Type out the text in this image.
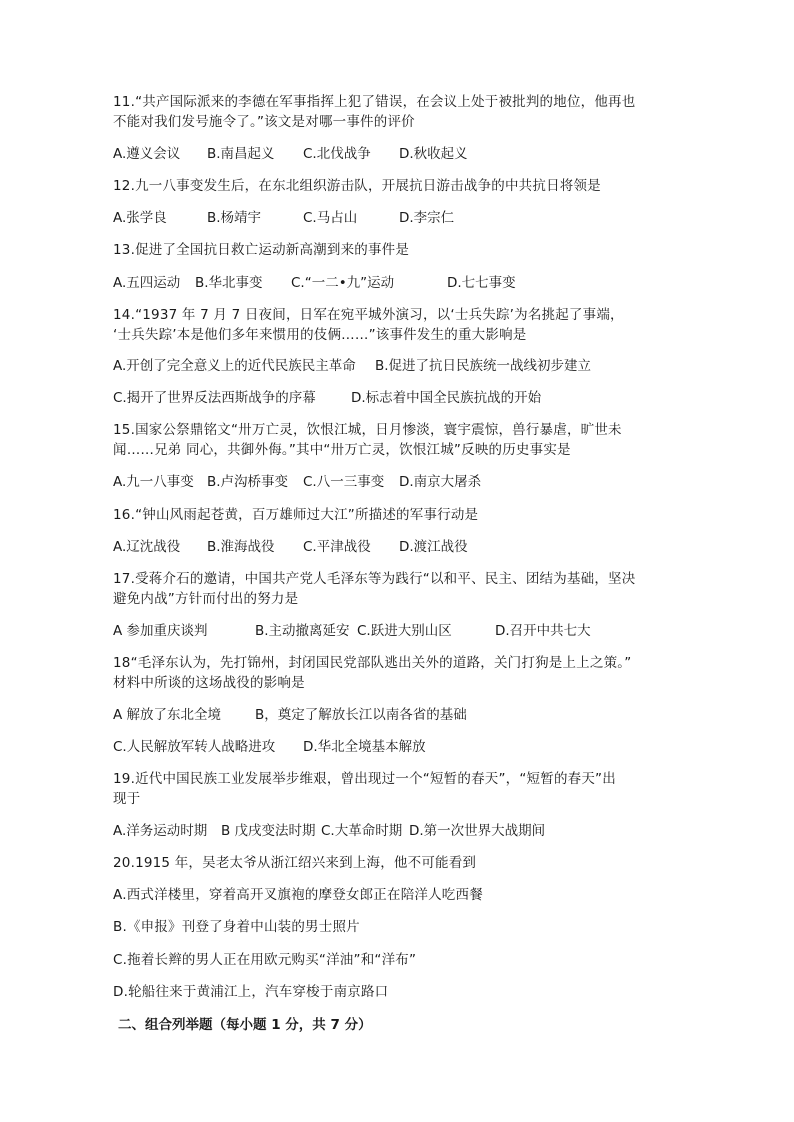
11.“共产国际派来的李德在军事指挥上犯了错误，在会议上处于被批判的地位，他再也
不能对我们发号施令了。”该文是对哪一事件的评价
A.遵义会议 B.南昌起义 C.北伐战争 D.秋收起义
12.九一八事变发生后，在东北组织游击队，开展抗日游击战争的中共抗日将领是
A.张学良	B.杨靖宇	C.马占山	D.李宗仁
13.促进了全国抗日救亡运动新高潮到来的事件是
A.五四运动 B.华北事变 C.“一二•九”运动	D.七七事变
14.“1937 年 7 月 7 日夜间，日军在宛平城外演习，以‘士兵失踪’为名挑起了事端，
‘士兵失踪’本是他们多年来惯用的伎俩……”该事件发生的重大影响是
A.开创了完全意义上的近代民族民主革命 B.促进了抗日民族统一战线初步建立
C.揭开了世界反法西斯战争的序幕	D.标志着中国全民族抗战的开始
15.国家公祭鼎铭文“卅万亡灵，饮恨江城，日月惨淡，寰宇震惊，兽行暴虐，旷世未
闻……兄弟 同心，共御外侮。”其中“卅万亡灵，饮恨江城”反映的历史事实是
A.九一八事变 B.卢沟桥事变 C.八一三事变 D.南京大屠杀
16.“钟山风雨起苍黄，百万雄师过大江”所描述的军事行动是
A.辽沈战役 B.淮海战役 C.平津战役 D.渡江战役
17.受蒋介石的邀请，中国共产党人毛泽东等为践行“以和平、民主、团结为基础，坚决
避免内战”方针而付出的努力是
A 参加重庆谈判	B.主动撤离延安 C.跃进大别山区	D.召开中共七大
18“毛泽东认为，先打锦州，封闭国民党部队逃出关外的道路，关门打狗是上上之策。”
材料中所谈的这场战役的影响是
A 解放了东北全境	B，奠定了解放长江以南各省的基础
C.人民解放军转人战略进攻 D.华北全境基本解放
19.近代中国民族工业发展举步维艰，曾出现过一个“短暂的春天”，“短暂的春天”出
现于
A.洋务运动时期 B 戊戌变法时期 C.大革命时期 D.第一次世界大战期间
20.1915 年，吴老太爷从浙江绍兴来到上海，他不可能看到
A.西式洋楼里，穿着高开叉旗袍的摩登女郎正在陪洋人吃西餐
B.《申报》刊登了身着中山装的男士照片
C.拖着长辫的男人正在用欧元购买“洋油”和“洋布”
D.轮船往来于黄浦江上，汽车穿梭于南京路口
二、组合列举题（每小题 1 分，共 7 分）
